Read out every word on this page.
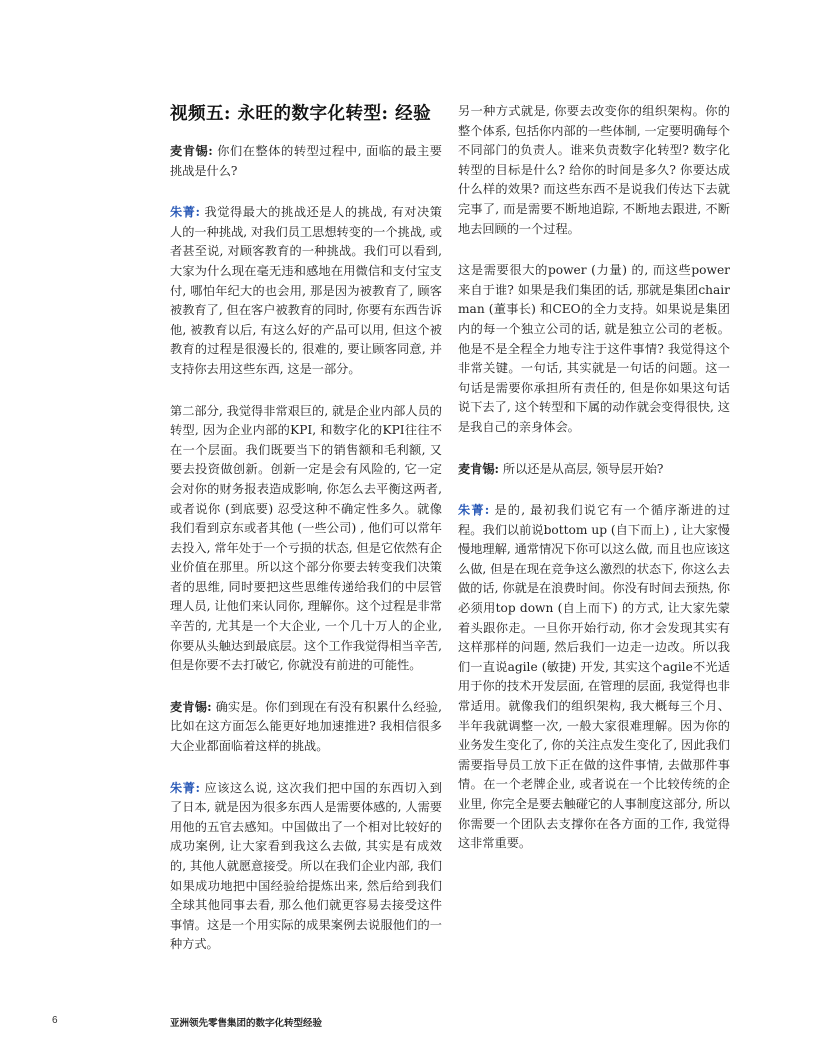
视频五: 永旺的数字化转型: 经验

麦肯锡: 你们在整体的转型过程中, 面临的最主要挑战是什么?

朱菁: 我觉得最大的挑战还是人的挑战, 有对决策人的一种挑战, 对我们员工思想转变的一个挑战, 或者甚至说, 对顾客教育的一种挑战。我们可以看到, 大家为什么现在毫无违和感地在用微信和支付宝支付, 哪怕年纪大的也会用, 那是因为被教育了, 顾客被教育了, 但在客户被教育的同时, 你要有东西告诉他, 被教育以后, 有这么好的产品可以用, 但这个被教育的过程是很漫长的, 很难的, 要让顾客同意, 并支持你去用这些东西, 这是一部分。

第二部分, 我觉得非常艰巨的, 就是企业内部人员的转型, 因为企业内部的KPI, 和数字化的KPI往往不在一个层面。我们既要当下的销售额和毛利额, 又要去投资做创新。创新一定是会有风险的, 它一定会对你的财务报表造成影响, 你怎么去平衡这两者, 或者说你 (到底要) 忍受这种不确定性多久。就像我们看到京东或者其他 (一些公司) , 他们可以常年去投入, 常年处于一个亏损的状态, 但是它依然有企业价值在那里。所以这个部分你要去转变我们决策者的思维, 同时要把这些思维传递给我们的中层管理人员, 让他们来认同你, 理解你。这个过程是非常辛苦的, 尤其是一个大企业, 一个几十万人的企业, 你要从头触达到最底层。这个工作我觉得相当辛苦, 但是你要不去打破它, 你就没有前进的可能性。

麦肯锡: 确实是。你们到现在有没有积累什么经验, 比如在这方面怎么能更好地加速推进? 我相信很多大企业都面临着这样的挑战。

朱菁: 应该这么说, 这次我们把中国的东西切入到了日本, 就是因为很多东西人是需要体感的, 人需要用他的五官去感知。中国做出了一个相对比较好的成功案例, 让大家看到我这么去做, 其实是有成效的, 其他人就愿意接受。所以在我们企业内部, 我们如果成功地把中国经验给提炼出来, 然后给到我们全球其他同事去看, 那么他们就更容易去接受这件事情。这是一个用实际的成果案例去说服他们的一种方式。

另一种方式就是, 你要去改变你的组织架构。你的整个体系, 包括你内部的一些体制, 一定要明确每个不同部门的负责人。谁来负责数字化转型? 数字化转型的目标是什么? 给你的时间是多久? 你要达成什么样的效果? 而这些东西不是说我们传达下去就完事了, 而是需要不断地追踪, 不断地去跟进, 不断地去回顾的一个过程。

这是需要很大的power (力量) 的, 而这些power来自于谁? 如果是我们集团的话, 那就是集团chairman (董事长) 和CEO的全力支持。如果说是集团内的每一个独立公司的话, 就是独立公司的老板。他是不是全程全力地专注于这件事情? 我觉得这个非常关键。一句话, 其实就是一句话的问题。这一句话是需要你承担所有责任的, 但是你如果这句话说下去了, 这个转型和下属的动作就会变得很快, 这是我自己的亲身体会。

麦肯锡: 所以还是从高层, 领导层开始?

朱菁: 是的, 最初我们说它有一个循序渐进的过程。我们以前说bottom up (自下而上) , 让大家慢慢地理解, 通常情况下你可以这么做, 而且也应该这么做, 但是在现在竞争这么激烈的状态下, 你这么去做的话, 你就是在浪费时间。你没有时间去预热, 你必须用top down (自上而下) 的方式, 让大家先蒙着头跟你走。一旦你开始行动, 你才会发现其实有这样那样的问题, 然后我们一边走一边改。所以我们一直说agile (敏捷) 开发, 其实这个agile不光适用于你的技术开发层面, 在管理的层面, 我觉得也非常适用。就像我们的组织架构, 我大概每三个月、半年我就调整一次, 一般大家很难理解。因为你的业务发生变化了, 你的关注点发生变化了, 因此我们需要指导员工放下正在做的这件事情, 去做那件事情。在一个老牌企业, 或者说在一个比较传统的企业里, 你完全是要去触碰它的人事制度这部分, 所以你需要一个团队去支撑你在各方面的工作, 我觉得这非常重要。

6	亚洲领先零售集团的数字化转型经验
